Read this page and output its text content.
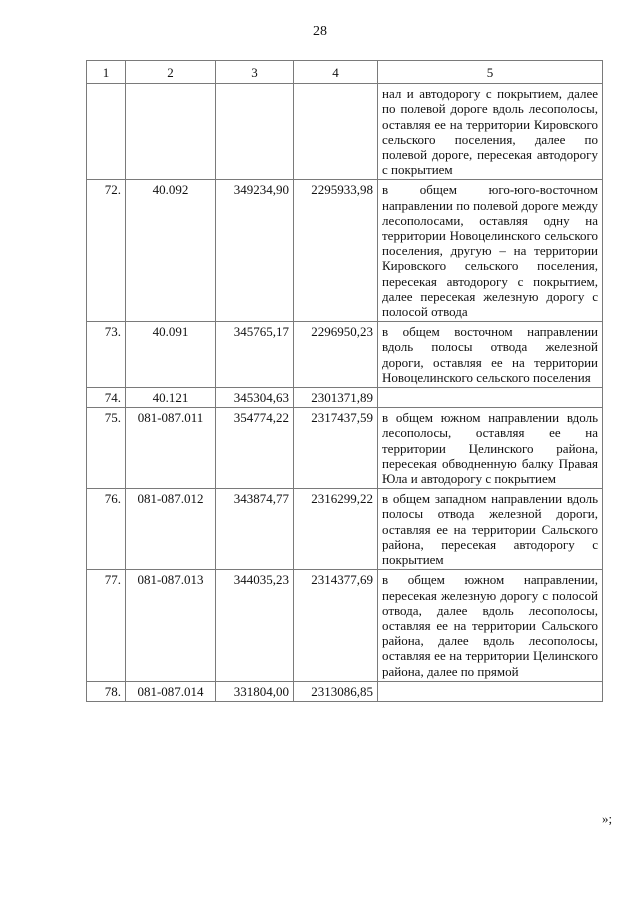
28
1	2	3	4	5
				нал и автодорогу с покрытием, далее по полевой дороге вдоль лесополосы, оставляя ее на территории Кировского сельского поселения, далее по полевой дороге, пересекая автодорогу с покрытием
72.	40.092	349234,90	2295933,98	в общем юго-юго-восточном направлении по полевой дороге между лесополосами, оставляя одну на территории Новоцелинского сельского поселения, другую – на территории Кировского сельского поселения, пересекая автодорогу с покрытием, далее пересекая железную дорогу с полосой отвода
73.	40.091	345765,17	2296950,23	в общем восточном направлении вдоль полосы отвода железной дороги, оставляя ее на территории Новоцелинского сельского поселения
74.	40.121	345304,63	2301371,89	
75.	081-087.011	354774,22	2317437,59	в общем южном направлении вдоль лесополосы, оставляя ее на территории Целинского района, пересекая обводненную балку Правая Юла и автодорогу с покрытием
76.	081-087.012	343874,77	2316299,22	в общем западном направлении вдоль полосы отвода железной дороги, оставляя ее на территории Сальского района, пересекая автодорогу с покрытием
77.	081-087.013	344035,23	2314377,69	в общем южном направлении, пересекая железную дорогу с полосой отвода, далее вдоль лесополосы, оставляя ее на территории Сальского района, далее вдоль лесополосы, оставляя ее на территории Целинского района, далее по прямой
78.	081-087.014	331804,00	2313086,85	
»;
